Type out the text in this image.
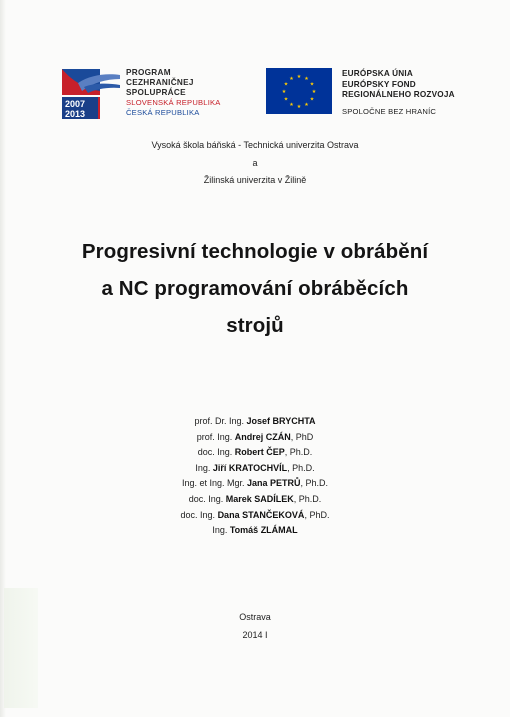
2007
2013
PROGRAM
CEZHRANIČNEJ
SPOLUPRÁCE
SLOVENSKÁ REPUBLIKA
ČESKÁ REPUBLIKA
★ ★
★
★
★
★
★
★
★
★
★
★
EURÓPSKA ÚNIA
EURÓPSKY FOND
REGIONÁLNEHO ROZVOJA
SPOLOČNE BEZ HRANÍC
Vysoká škola báňská - Technická univerzita Ostrava
a
Žilinská univerzita v Žilině
Progresivní technologie v obrábění
a NC programování obráběcích
strojů
prof. Dr. Ing. Josef BRYCHTA
prof. Ing. Andrej CZÁN, PhD
doc. Ing. Robert ČEP, Ph.D.
Ing. Jiří KRATOCHVÍL, Ph.D.
Ing. et Ing. Mgr. Jana PETRŮ, Ph.D.
doc. Ing. Marek SADÍLEK, Ph.D.
doc. Ing. Dana STANČEKOVÁ, PhD.
Ing. Tomáš ZLÁMAL
Ostrava
2014 I
